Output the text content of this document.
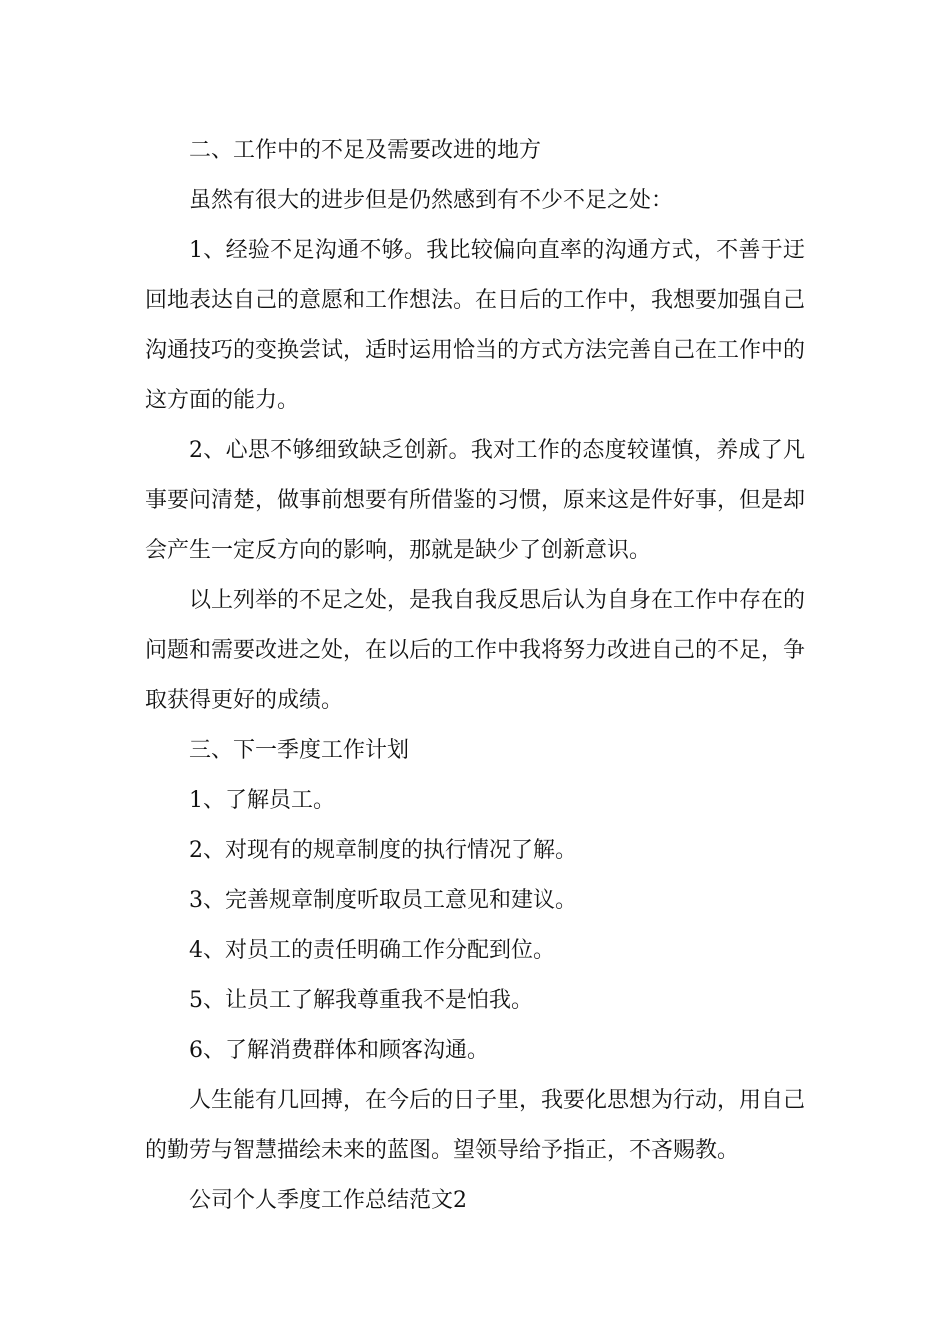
二、工作中的不足及需要改进的地方

虽然有很大的进步但是仍然感到有不少不足之处：

1、经验不足沟通不够。我比较偏向直率的沟通方式，不善于迂回地表达自己的意愿和工作想法。在日后的工作中，我想要加强自己沟通技巧的变换尝试，适时运用恰当的方式方法完善自己在工作中的这方面的能力。

2、心思不够细致缺乏创新。我对工作的态度较谨慎，养成了凡事要问清楚，做事前想要有所借鉴的习惯，原来这是件好事，但是却会产生一定反方向的影响，那就是缺少了创新意识。

以上列举的不足之处，是我自我反思后认为自身在工作中存在的问题和需要改进之处，在以后的工作中我将努力改进自己的不足，争取获得更好的成绩。

三、下一季度工作计划

1、了解员工。

2、对现有的规章制度的执行情况了解。

3、完善规章制度听取员工意见和建议。

4、对员工的责任明确工作分配到位。

5、让员工了解我尊重我不是怕我。

6、了解消费群体和顾客沟通。

人生能有几回搏，在今后的日子里，我要化思想为行动，用自己的勤劳与智慧描绘未来的蓝图。望领导给予指正，不吝赐教。

公司个人季度工作总结范文2
